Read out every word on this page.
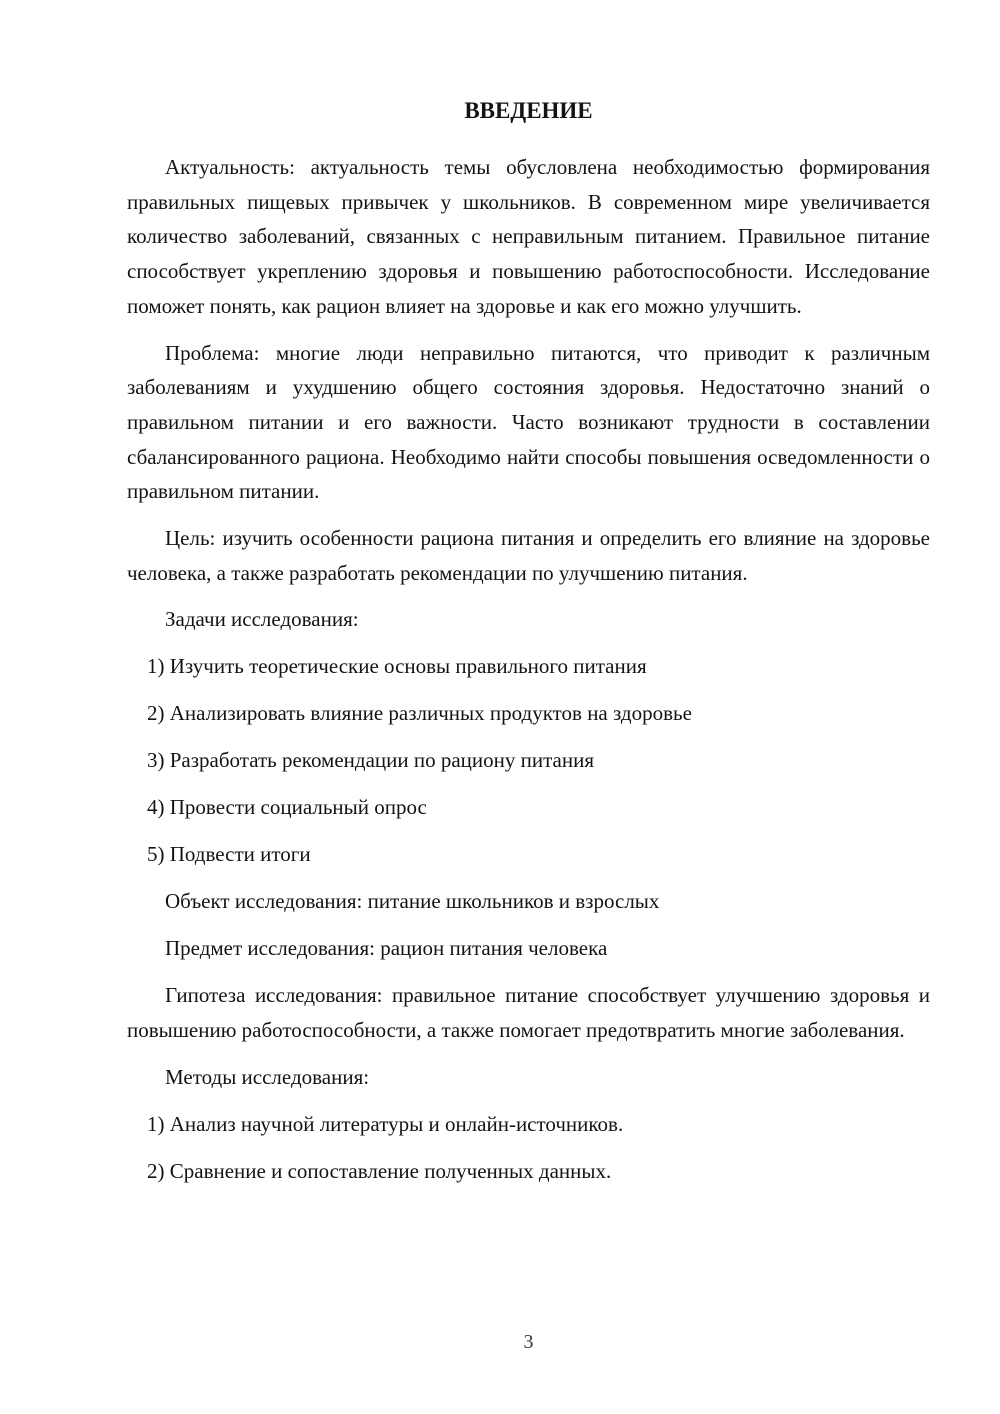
ВВЕДЕНИЕ

Актуальность: актуальность темы обусловлена необходимостью формирования правильных пищевых привычек у школьников. В современном мире увеличивается количество заболеваний, связанных с неправильным питанием. Правильное питание способствует укреплению здоровья и повышению работоспособности. Исследование поможет понять, как рацион влияет на здоровье и как его можно улучшить.

Проблема: многие люди неправильно питаются, что приводит к различным заболеваниям и ухудшению общего состояния здоровья. Недостаточно знаний о правильном питании и его важности. Часто возникают трудности в составлении сбалансированного рациона. Необходимо найти способы повышения осведомленности о правильном питании.

Цель: изучить особенности рациона питания и определить его влияние на здоровье человека, а также разработать рекомендации по улучшению питания.

Задачи исследования:

1) Изучить теоретические основы правильного питания
2) Анализировать влияние различных продуктов на здоровье
3) Разработать рекомендации по рациону питания
4) Провести социальный опрос
5) Подвести итоги

Объект исследования: питание школьников и взрослых

Предмет исследования: рацион питания человека

Гипотеза исследования: правильное питание способствует улучшению здоровья и повышению работоспособности, а также помогает предотвратить многие заболевания.

Методы исследования:

1) Анализ научной литературы и онлайн-источников.
2) Сравнение и сопоставление полученных данных.
3
